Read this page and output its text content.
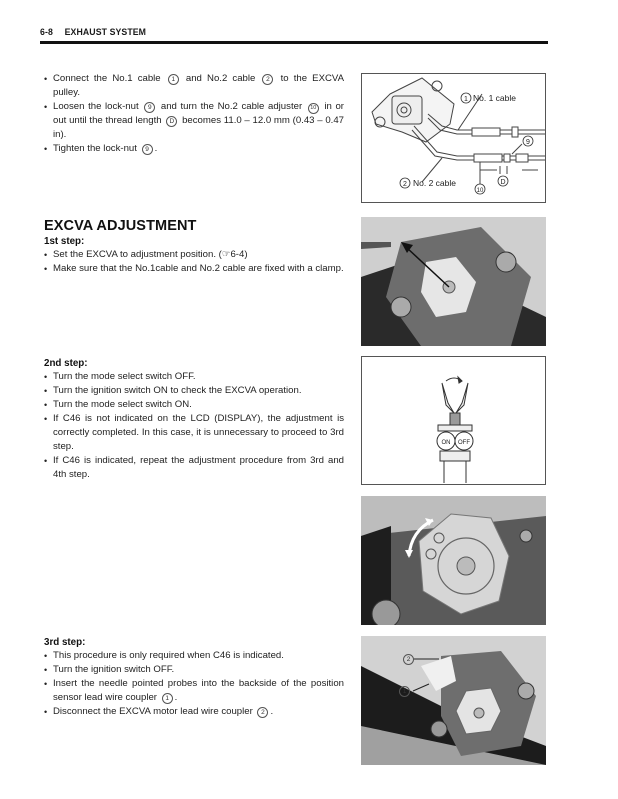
6-8 EXHAUST SYSTEM
• Connect the No.1 cable 1 and No.2 cable 2 to the EXCVA pulley.
• Loosen the lock-nut 9 and turn the No.2 cable adjuster 10 in or out until the thread length D becomes 11.0 – 12.0 mm (0.43 – 0.47 in).
• Tighten the lock-nut 9 .
1 No. 1 cable
2 No. 2 cable
9
10
D
EXCVA ADJUSTMENT
1st step:
• Set the EXCVA to adjustment position. (☞6-4)
• Make sure that the No.1cable and No.2 cable are fixed with a clamp.
2nd step:
• Turn the mode select switch OFF.
• Turn the ignition switch ON to check the EXCVA operation.
• Turn the mode select switch ON.
• If C46 is not indicated on the LCD (DISPLAY), the adjustment is correctly completed. In this case, it is unnecessary to proceed to 3rd step.
• If C46 is indicated, repeat the adjustment procedure from 3rd and 4th step.
ON OFF
3rd step:
• This procedure is only required when C46 is indicated.
• Turn the ignition switch OFF.
• Insert the needle pointed probes into the backside of the position sensor lead wire coupler 1 .
• Disconnect the EXCVA motor lead wire coupler 2 .
2
1
